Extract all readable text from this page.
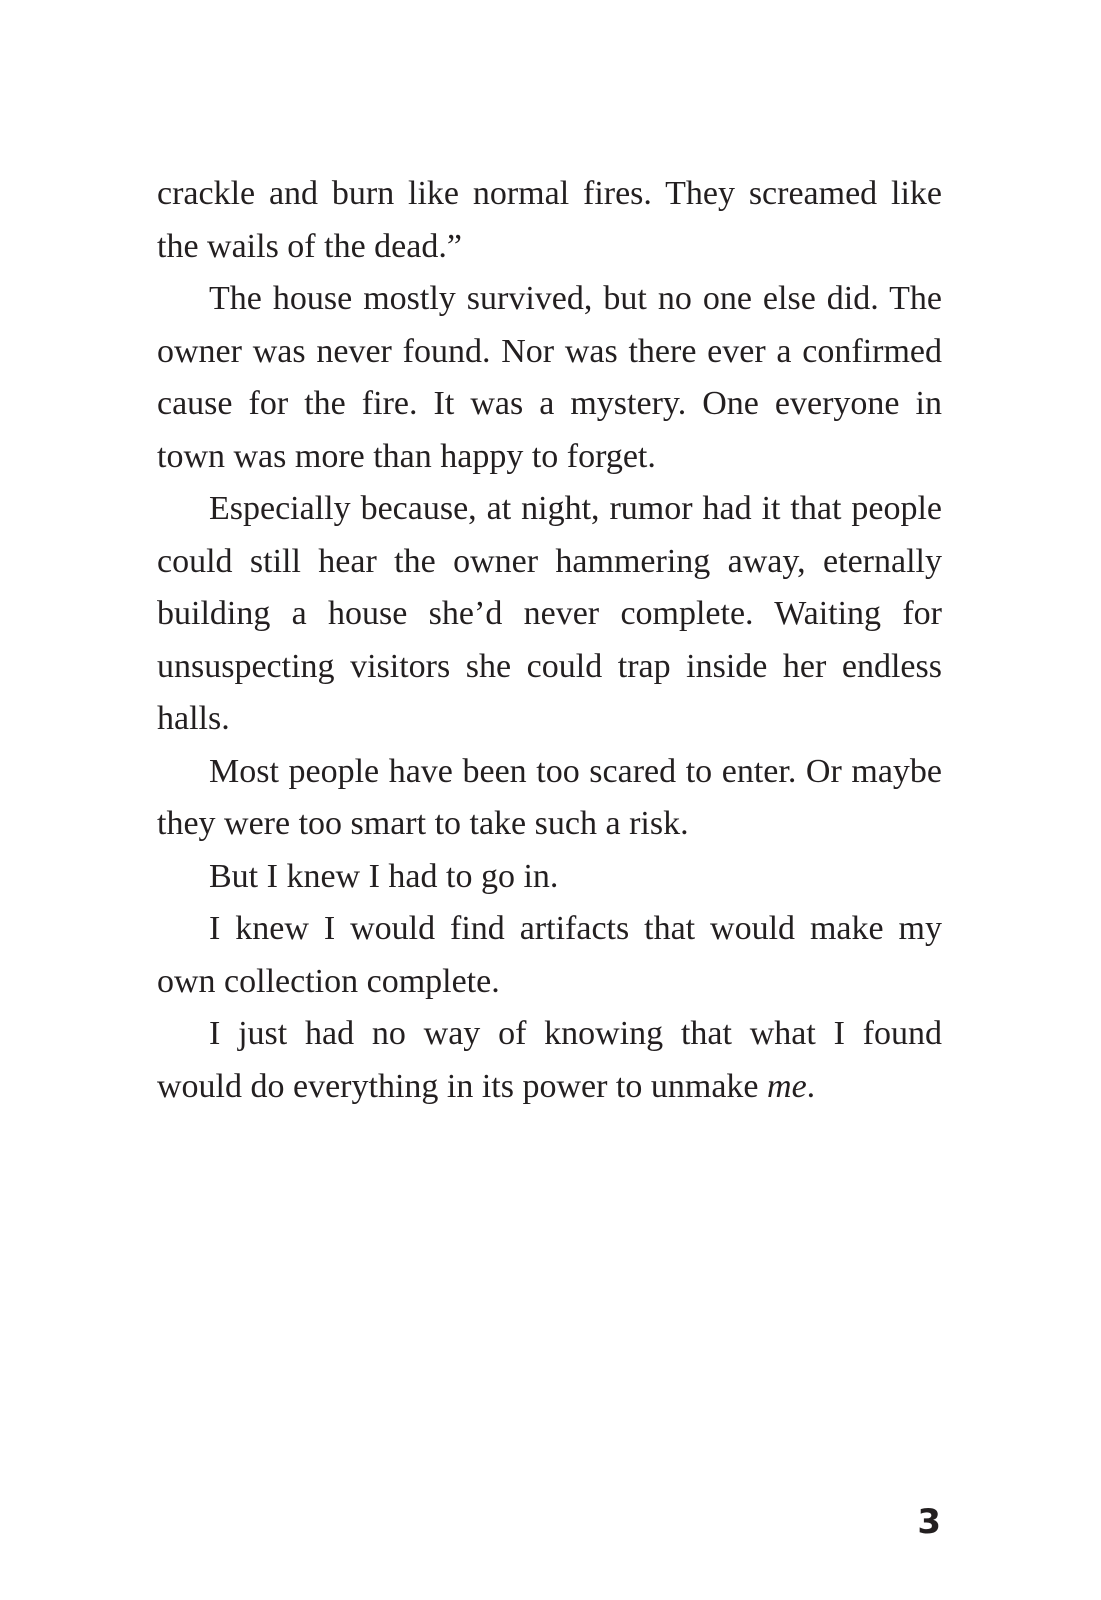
crackle and burn like normal fires. They screamed like the wails of the dead.”

The house mostly survived, but no one else did. The owner was never found. Nor was there ever a confirmed cause for the fire. It was a mystery. One everyone in town was more than happy to forget.

Especially because, at night, rumor had it that people could still hear the owner hammering away, eternally building a house she’d never complete. Waiting for unsuspecting visitors she could trap inside her endless halls.

Most people have been too scared to enter. Or maybe they were too smart to take such a risk.

But I knew I had to go in.

I knew I would find artifacts that would make my own collection complete.

I just had no way of knowing that what I found would do everything in its power to unmake me.

3
